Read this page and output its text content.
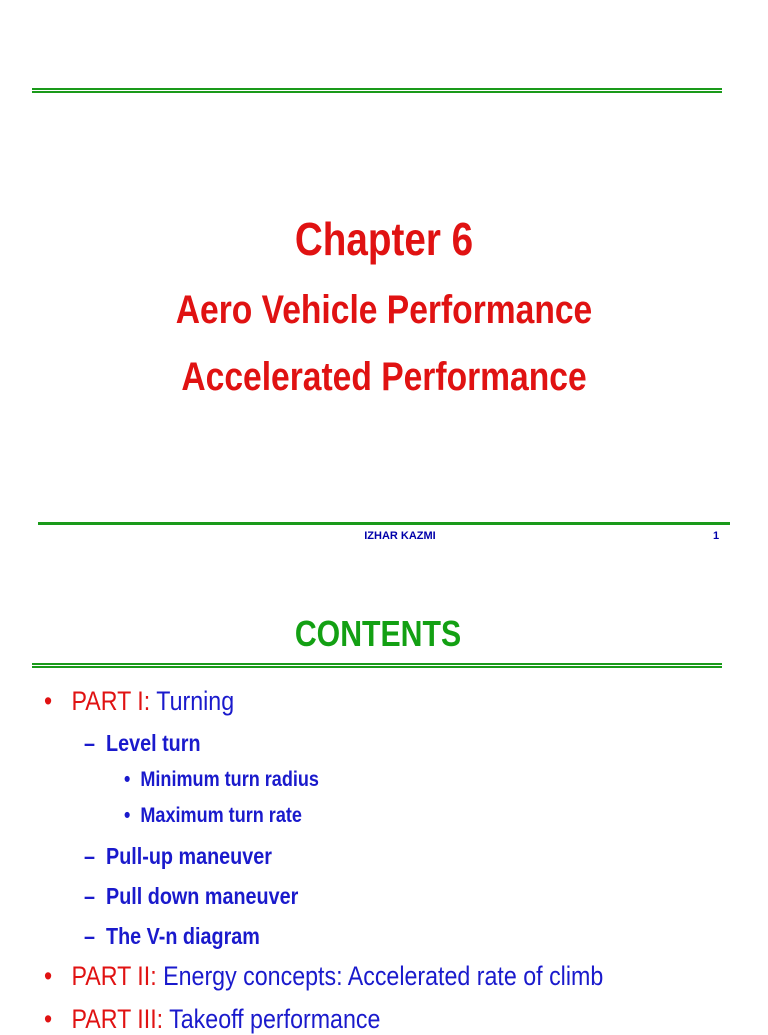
Chapter 6
Aero Vehicle Performance
Accelerated Performance
IZHAR KAZMI	1
CONTENTS
• PART I: Turning
– Level turn
• Minimum turn radius
• Maximum turn rate
– Pull-up maneuver
– Pull down maneuver
– The V-n diagram
• PART II: Energy concepts: Accelerated rate of climb
• PART III: Takeoff performance
